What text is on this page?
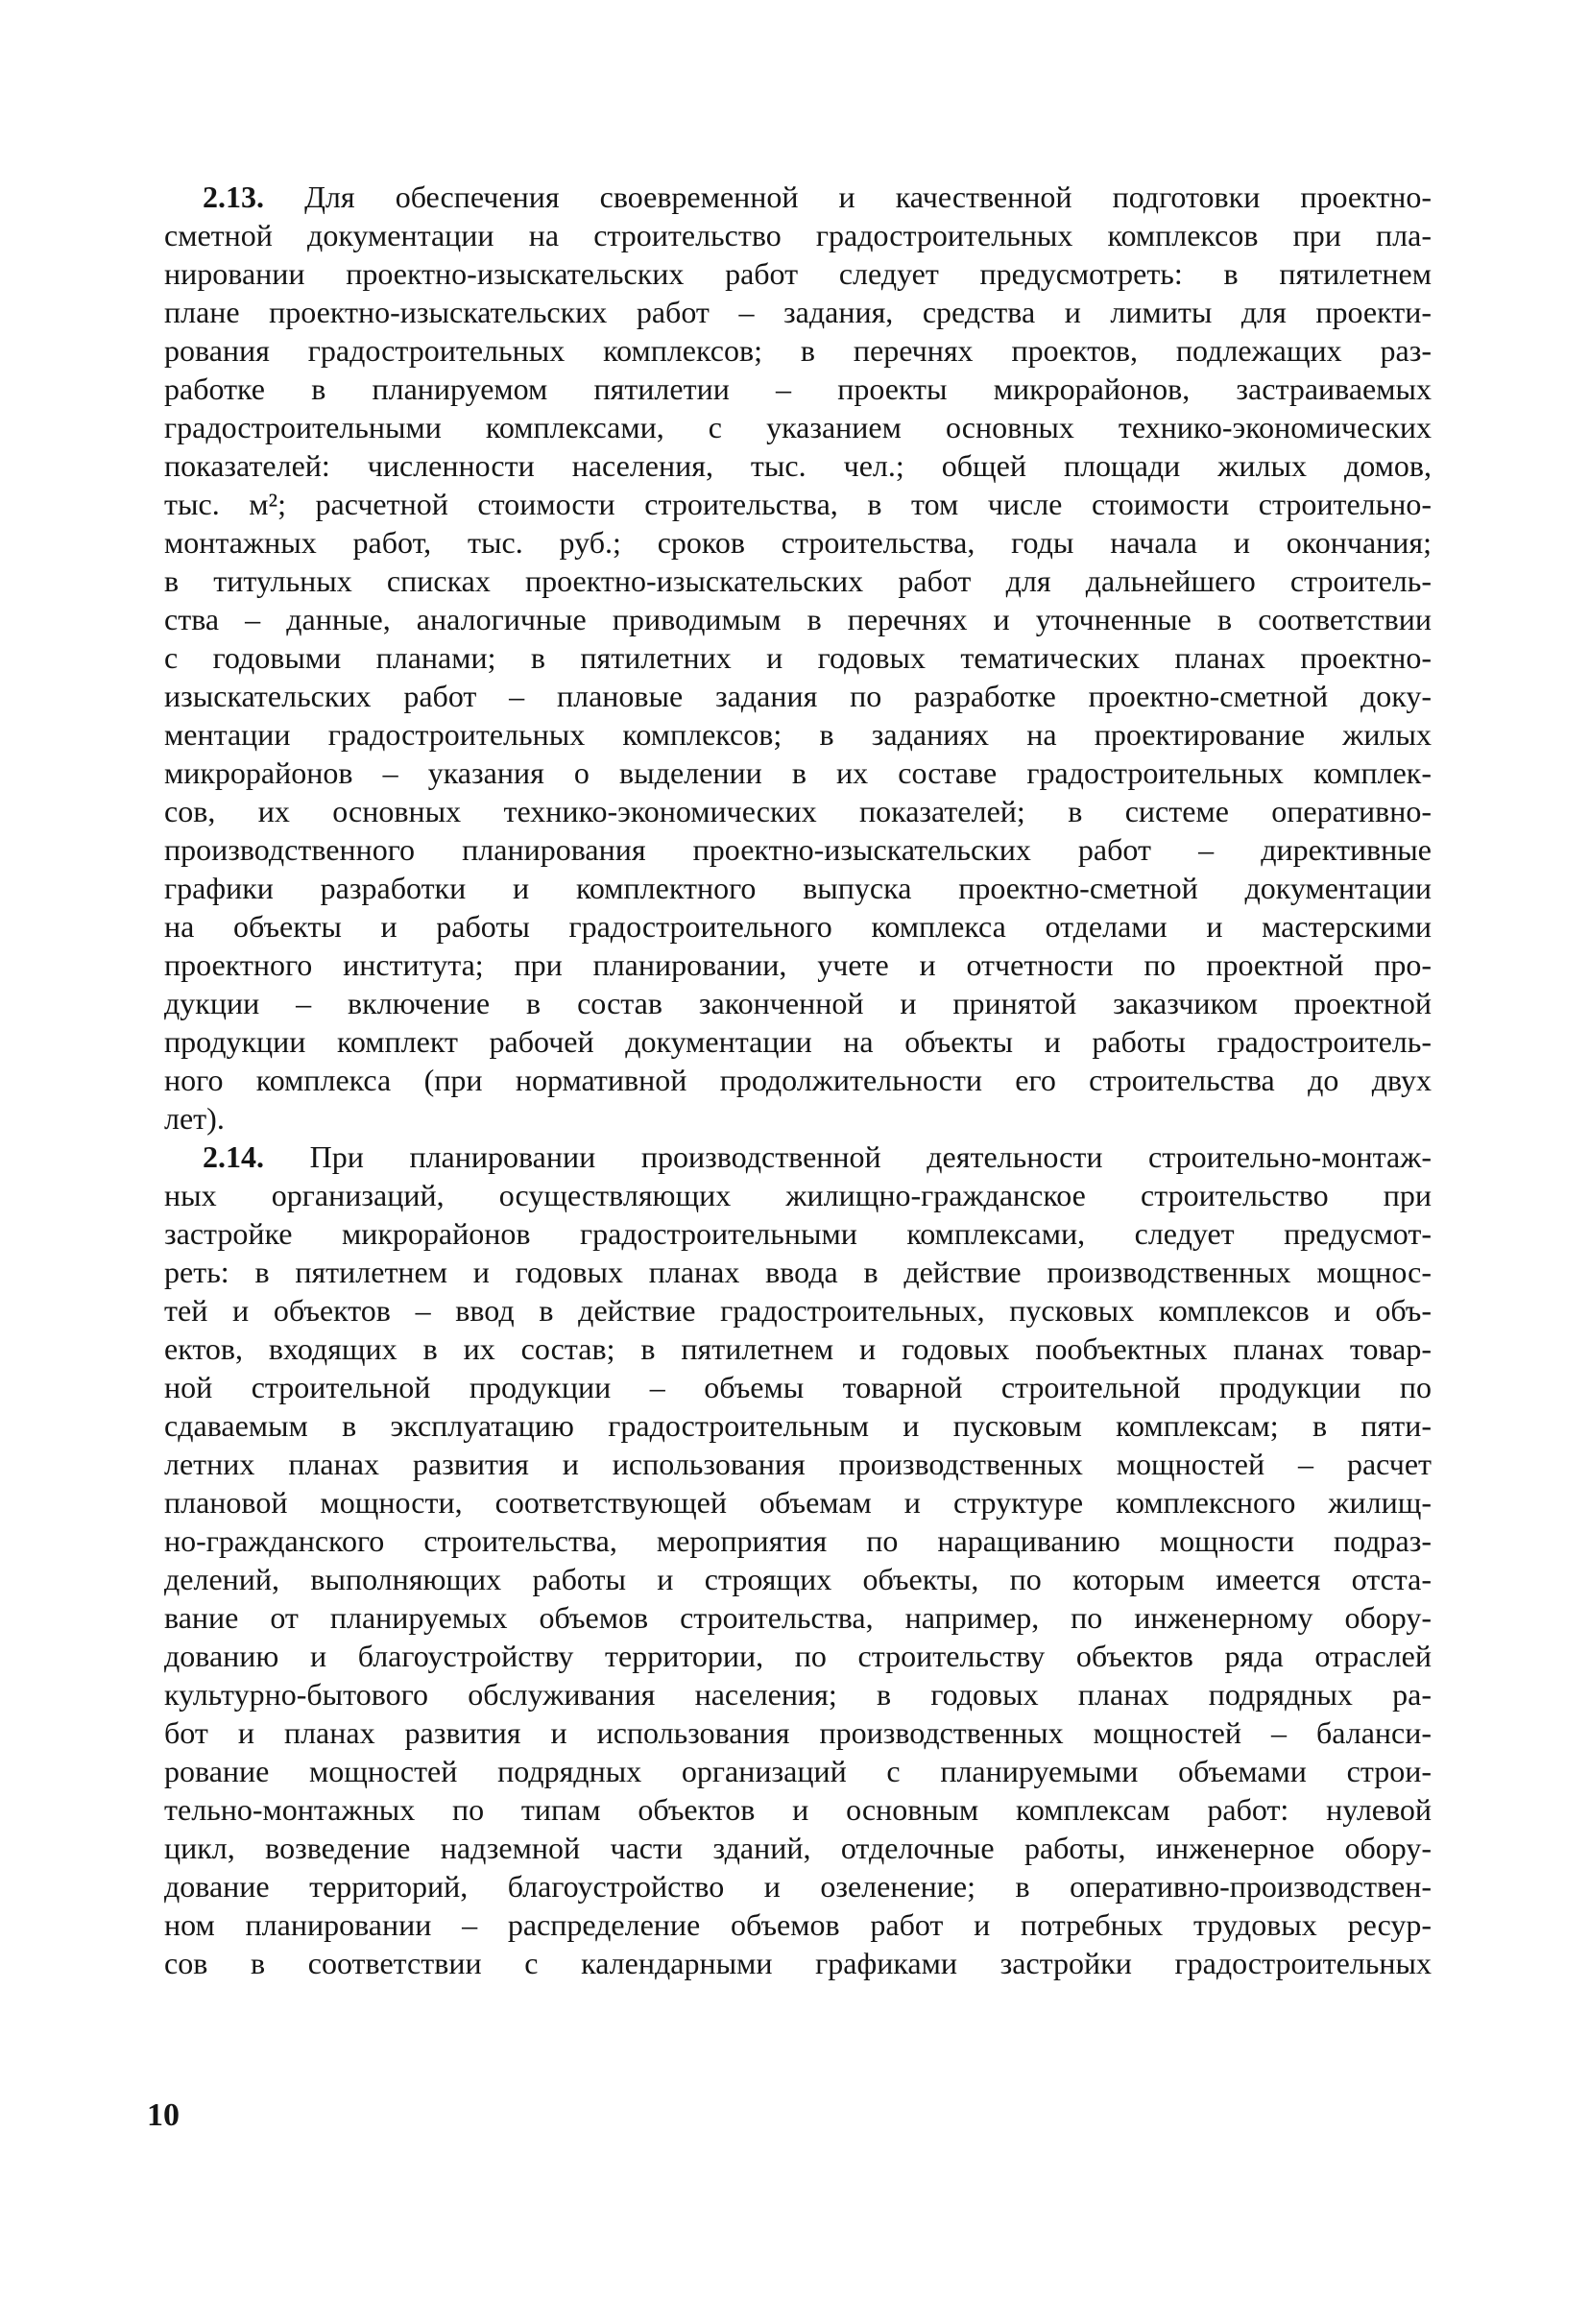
2.13. Для обеспечения своевременной и качественной подготовки проектно-
сметной документации на строительство градостроительных комплексов при пла-
нировании проектно-изыскательских работ следует предусмотреть: в пятилетнем
плане проектно-изыскательских работ – задания, средства и лимиты для проекти-
рования градостроительных комплексов; в перечнях проектов, подлежащих раз-
работке в планируемом пятилетии – проекты микрорайонов, застраиваемых
градостроительными комплексами, с указанием основных технико-экономических
показателей: численности населения, тыс. чел.; общей площади жилых домов,
тыс. м²; расчетной стоимости строительства, в том числе стоимости строительно-
монтажных работ, тыс. руб.; сроков строительства, годы начала и окончания;
в титульных списках проектно-изыскательских работ для дальнейшего строитель-
ства – данные, аналогичные приводимым в перечнях и уточненные в соответствии
с годовыми планами; в пятилетних и годовых тематических планах проектно-
изыскательских работ – плановые задания по разработке проектно-сметной доку-
ментации градостроительных комплексов; в заданиях на проектирование жилых
микрорайонов – указания о выделении в их составе градостроительных комплек-
сов, их основных технико-экономических показателей; в системе оперативно-
производственного планирования проектно-изыскательских работ – директивные
графики разработки и комплектного выпуска проектно-сметной документации
на объекты и работы градостроительного комплекса отделами и мастерскими
проектного института; при планировании, учете и отчетности по проектной про-
дукции – включение в состав законченной и принятой заказчиком проектной
продукции комплект рабочей документации на объекты и работы градостроитель-
ного комплекса (при нормативной продолжительности его строительства до двух
лет).
2.14. При планировании производственной деятельности строительно-монтаж-
ных организаций, осуществляющих жилищно-гражданское строительство при
застройке микрорайонов градостроительными комплексами, следует предусмот-
реть: в пятилетнем и годовых планах ввода в действие производственных мощнос-
тей и объектов – ввод в действие градостроительных, пусковых комплексов и объ-
ектов, входящих в их состав; в пятилетнем и годовых пообъектных планах товар-
ной строительной продукции – объемы товарной строительной продукции по
сдаваемым в эксплуатацию градостроительным и пусковым комплексам; в пяти-
летних планах развития и использования производственных мощностей – расчет
плановой мощности, соответствующей объемам и структуре комплексного жилищ-
но-гражданского строительства, мероприятия по наращиванию мощности подраз-
делений, выполняющих работы и строящих объекты, по которым имеется отста-
вание от планируемых объемов строительства, например, по инженерному обору-
дованию и благоустройству территории, по строительству объектов ряда отраслей
культурно-бытового обслуживания населения; в годовых планах подрядных ра-
бот и планах развития и использования производственных мощностей – баланси-
рование мощностей подрядных организаций с планируемыми объемами строи-
тельно-монтажных по типам объектов и основным комплексам работ: нулевой
цикл, возведение надземной части зданий, отделочные работы, инженерное обору-
дование территорий, благоустройство и озеленение; в оперативно-производствен-
ном планировании – распределение объемов работ и потребных трудовых ресур-
сов в соответствии с календарными графиками застройки градостроительных
10
